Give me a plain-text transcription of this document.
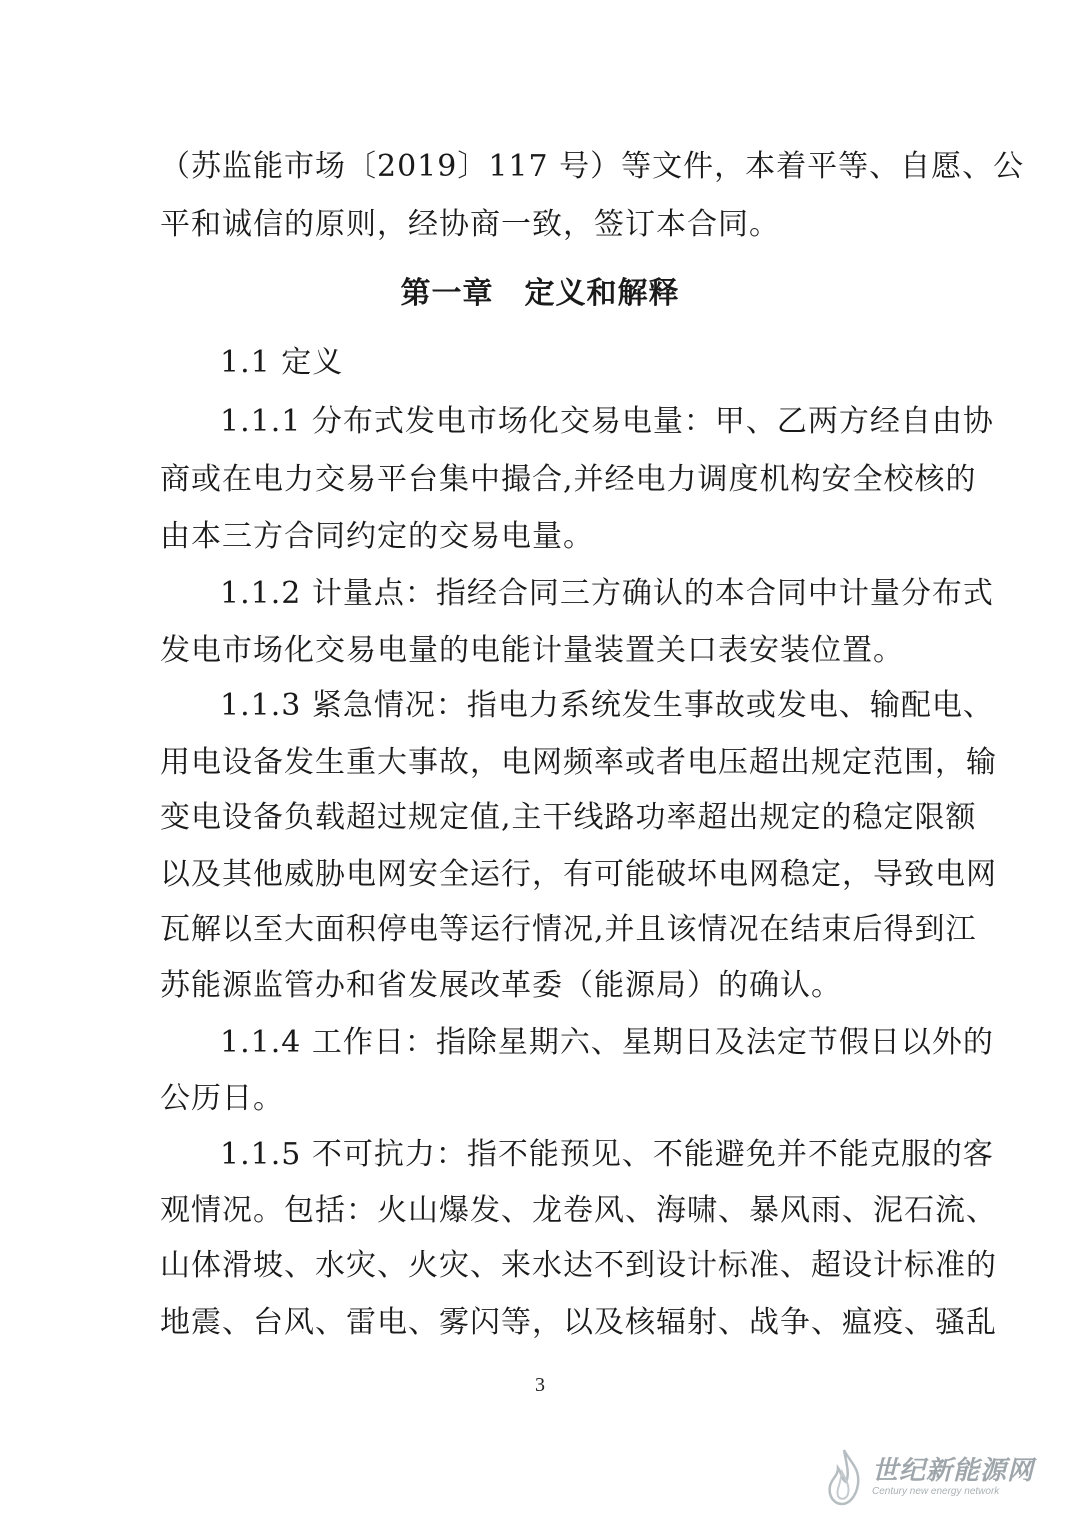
（苏监能市场〔2019〕117 号）等文件，本着平等、自愿、公
平和诚信的原则，经协商一致，签订本合同。
第一章　定义和解释
1.1 定义
1.1.1 分布式发电市场化交易电量：甲、乙两方经自由协
商或在电力交易平台集中撮合,并经电力调度机构安全校核的
由本三方合同约定的交易电量。
1.1.2 计量点：指经合同三方确认的本合同中计量分布式
发电市场化交易电量的电能计量装置关口表安装位置。
1.1.3 紧急情况：指电力系统发生事故或发电、输配电、
用电设备发生重大事故，电网频率或者电压超出规定范围，输
变电设备负载超过规定值,主干线路功率超出规定的稳定限额
以及其他威胁电网安全运行，有可能破坏电网稳定，导致电网
瓦解以至大面积停电等运行情况,并且该情况在结束后得到江
苏能源监管办和省发展改革委（能源局）的确认。
1.1.4 工作日：指除星期六、星期日及法定节假日以外的
公历日。
1.1.5 不可抗力：指不能预见、不能避免并不能克服的客
观情况。包括：火山爆发、龙卷风、海啸、暴风雨、泥石流、
山体滑坡、水灾、火灾、来水达不到设计标准、超设计标准的
地震、台风、雷电、雾闪等，以及核辐射、战争、瘟疫、骚乱
3
世纪新能源网
Century new energy network
